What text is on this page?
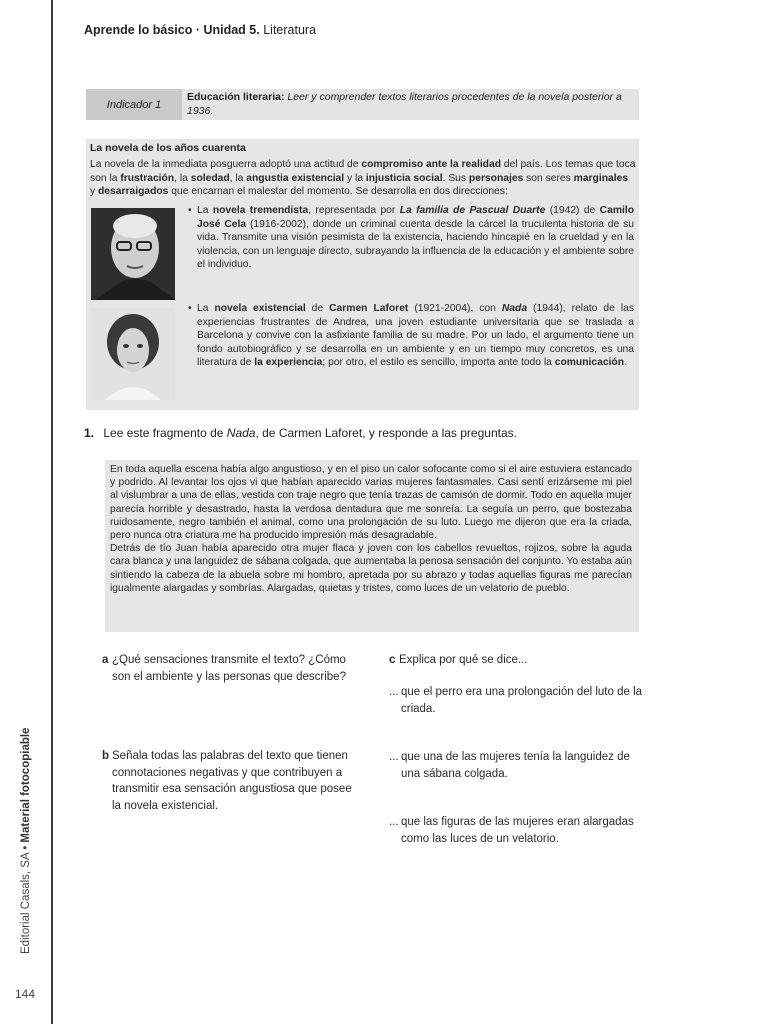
Editorial Casals, SA • Material fotocopiable
144
Aprende lo básico · Unidad 5. Literatura
Indicador 1
Educación literaria: Leer y comprender textos literarios procedentes de la novela posterior a 1936.
La novela de los años cuarenta
La novela de la inmediata posguerra adoptó una actitud de compromiso ante la realidad del país. Los temas que toca son la frustración, la soledad, la angustia existencial y la injusticia social. Sus personajes son seres marginales y desarraigados que encarnan el malestar del momento. Se desarrolla en dos direcciones:
• La novela tremendista, representada por La familia de Pascual Duarte (1942) de Camilo José Cela (1916-2002), donde un criminal cuenta desde la cárcel la truculenta historia de su vida. Transmite una visión pesimista de la existencia, haciendo hincapié en la crueldad y en la violencia, con un lenguaje directo, subrayando la influencia de la educación y el ambiente sobre el individuo.
• La novela existencial de Carmen Laforet (1921-2004), con Nada (1944), relato de las experiencias frustrantes de Andrea, una joven estudiante universitaria que se traslada a Barcelona y convive con la asfixiante familia de su madre. Por un lado, el argumento tiene un fondo autobiográfico y se desarrolla en un ambiente y en un tiempo muy concretos, es una literatura de la experiencia; por otro, el estilo es sencillo, importa ante todo la comunicación.
1. Lee este fragmento de Nada, de Carmen Laforet, y responde a las preguntas.

En toda aquella escena había algo angustioso, y en el piso un calor sofocante como si el aire estuviera estancado y podrido. Al levantar los ojos vi que habían aparecido varias mujeres fantasmales. Casi sentí erizárseme mi piel al vislumbrar a una de ellas, vestida con traje negro que tenía trazas de camisón de dormir. Todo en aquella mujer parecía horrible y desastrado, hasta la verdosa dentadura que me sonreía. La seguía un perro, que bostezaba ruidosamente, negro también el animal, como una prolongación de su luto. Luego me dijeron que era la criada, pero nunca otra criatura me ha producido impresión más desagradable.

Detrás de tío Juan había aparecido otra mujer flaca y joven con los cabellos revueltos, rojizos, sobre la aguda cara blanca y una languidez de sábana colgada, que aumentaba la penosa sensación del conjunto. Yo estaba aún sintiendo la cabeza de la abuela sobre mi hombro, apretada por su abrazo y todas aquellas figuras me parecían igualmente alargadas y sombrías. Alargadas, quietas y tristes, como luces de un velatorio de pueblo.

a ¿Qué sensaciones transmite el texto? ¿Cómo son el ambiente y las personas que describe?
b Señala todas las palabras del texto que tienen connotaciones negativas y que contribuyen a transmitir esa sensación angustiosa que posee la novela existencial.
c Explica por qué se dice...
... que el perro era una prolongación del luto de la criada.
... que una de las mujeres tenía la languidez de una sábana colgada.
... que las figuras de las mujeres eran alargadas como las luces de un velatorio.
